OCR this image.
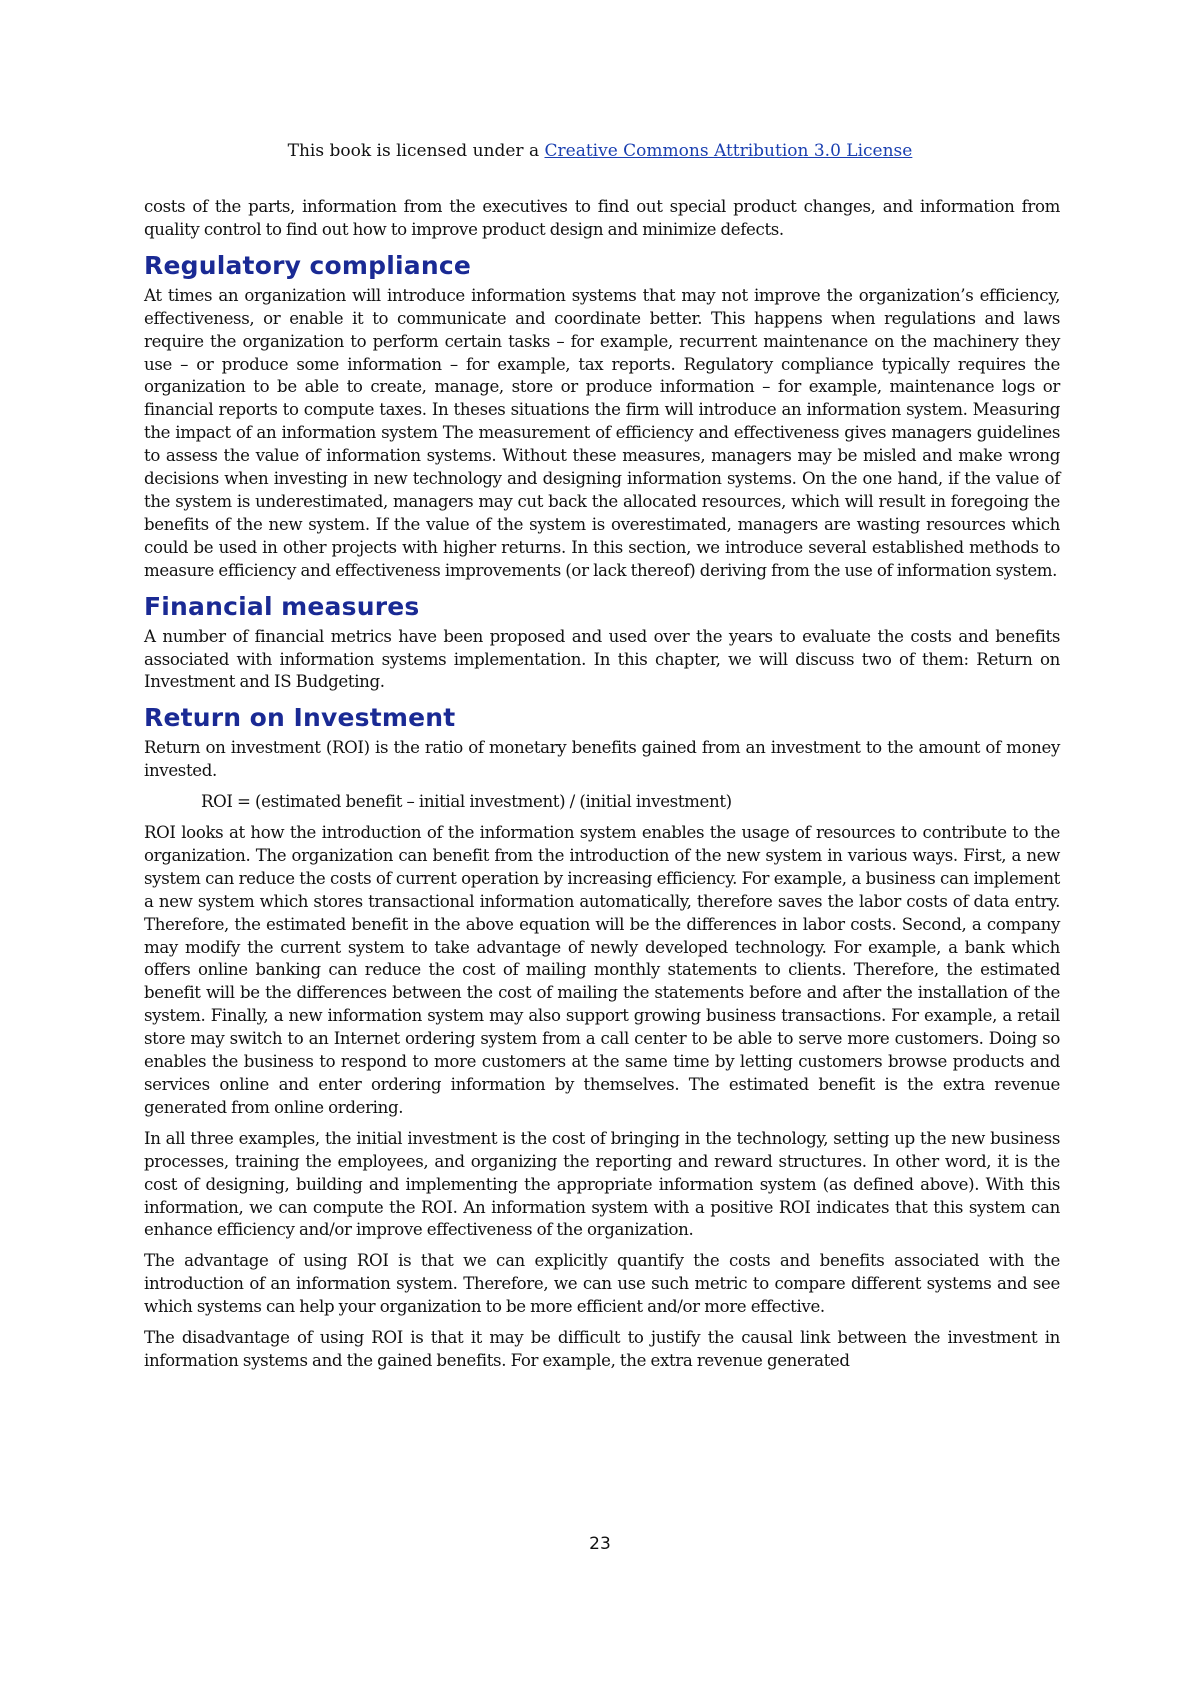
This book is licensed under a Creative Commons Attribution 3.0 License

costs of the parts, information from the executives to find out special product changes, and information from quality control to find out how to improve product design and minimize defects.

Regulatory compliance

At times an organization will introduce information systems that may not improve the organization’s efficiency, effectiveness, or enable it to communicate and coordinate better. This happens when regulations and laws require the organization to perform certain tasks – for example, recurrent maintenance on the machinery they use – or produce some information – for example, tax reports. Regulatory compliance typically requires the organization to be able to create, manage, store or produce information – for example, maintenance logs or financial reports to compute taxes. In theses situations the firm will introduce an information system. Measuring the impact of an information system The measurement of efficiency and effectiveness gives managers guidelines to assess the value of information systems. Without these measures, managers may be misled and make wrong decisions when investing in new technology and designing information systems. On the one hand, if the value of the system is underestimated, managers may cut back the allocated resources, which will result in foregoing the benefits of the new system. If the value of the system is overestimated, managers are wasting resources which could be used in other projects with higher returns. In this section, we introduce several established methods to measure efficiency and effectiveness improvements (or lack thereof) deriving from the use of information system.

Financial measures

A number of financial metrics have been proposed and used over the years to evaluate the costs and benefits associated with information systems implementation. In this chapter, we will discuss two of them: Return on Investment and IS Budgeting.

Return on Investment

Return on investment (ROI) is the ratio of monetary benefits gained from an investment to the amount of money invested.

ROI = (estimated benefit – initial investment) / (initial investment)

ROI looks at how the introduction of the information system enables the usage of resources to contribute to the organization. The organization can benefit from the introduction of the new system in various ways. First, a new system can reduce the costs of current operation by increasing efficiency. For example, a business can implement a new system which stores transactional information automatically, therefore saves the labor costs of data entry. Therefore, the estimated benefit in the above equation will be the differences in labor costs. Second, a company may modify the current system to take advantage of newly developed technology. For example, a bank which offers online banking can reduce the cost of mailing monthly statements to clients. Therefore, the estimated benefit will be the differences between the cost of mailing the statements before and after the installation of the system. Finally, a new information system may also support growing business transactions. For example, a retail store may switch to an Internet ordering system from a call center to be able to serve more customers. Doing so enables the business to respond to more customers at the same time by letting customers browse products and services online and enter ordering information by themselves. The estimated benefit is the extra revenue generated from online ordering.

In all three examples, the initial investment is the cost of bringing in the technology, setting up the new business processes, training the employees, and organizing the reporting and reward structures. In other word, it is the cost of designing, building and implementing the appropriate information system (as defined above). With this information, we can compute the ROI. An information system with a positive ROI indicates that this system can enhance efficiency and/or improve effectiveness of the organization.

The advantage of using ROI is that we can explicitly quantify the costs and benefits associated with the introduction of an information system. Therefore, we can use such metric to compare different systems and see which systems can help your organization to be more efficient and/or more effective.

The disadvantage of using ROI is that it may be difficult to justify the causal link between the investment in information systems and the gained benefits. For example, the extra revenue generated

23
